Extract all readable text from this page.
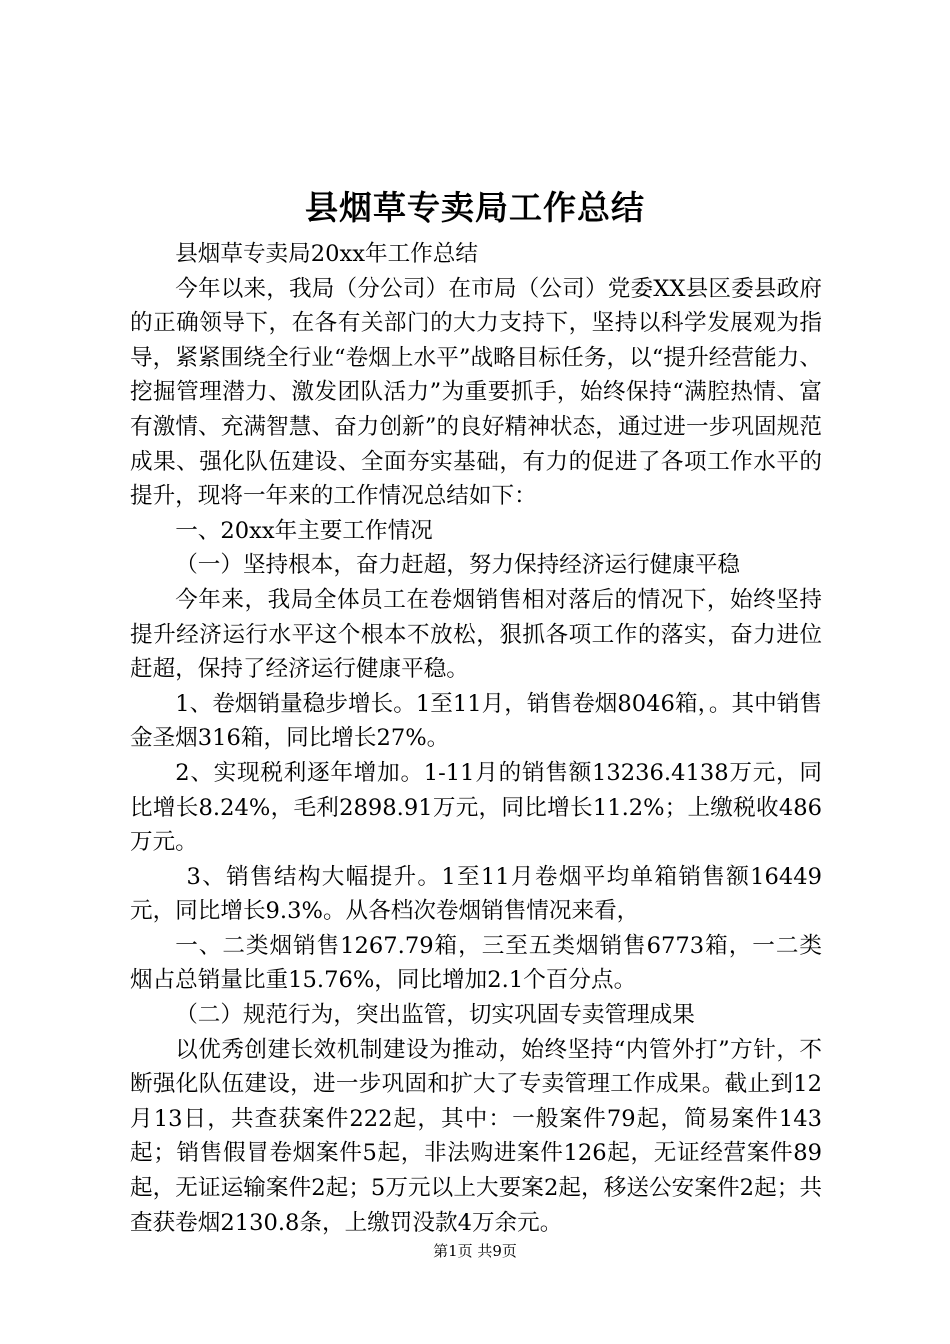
县烟草专卖局工作总结

县烟草专卖局20xx年工作总结

今年以来，我局（分公司）在市局（公司）党委XX县区委县政府的正确领导下，在各有关部门的大力支持下，坚持以科学发展观为指导，紧紧围绕全行业“卷烟上水平”战略目标任务，以“提升经营能力、挖掘管理潜力、激发团队活力”为重要抓手，始终保持“满腔热情、富有激情、充满智慧、奋力创新”的良好精神状态，通过进一步巩固规范成果、强化队伍建设、全面夯实基础，有力的促进了各项工作水平的提升，现将一年来的工作情况总结如下：

一、20xx年主要工作情况

（一）坚持根本，奋力赶超，努力保持经济运行健康平稳

今年来，我局全体员工在卷烟销售相对落后的情况下，始终坚持提升经济运行水平这个根本不放松，狠抓各项工作的落实，奋力进位赶超，保持了经济运行健康平稳。

1、卷烟销量稳步增长。1至11月，销售卷烟8046箱，。其中销售金圣烟316箱，同比增长27%。

2、实现税利逐年增加。1-11月的销售额13236.4138万元，同比增长8.24%，毛利2898.91万元，同比增长11.2%；上缴税收486万元。

3、销售结构大幅提升。1至11月卷烟平均单箱销售额16449元，同比增长9.3%。从各档次卷烟销售情况来看，

一、二类烟销售1267.79箱，三至五类烟销售6773箱，一二类烟占总销量比重15.76%，同比增加2.1个百分点。

（二）规范行为，突出监管，切实巩固专卖管理成果

以优秀创建长效机制建设为推动，始终坚持“内管外打”方针，不断强化队伍建设，进一步巩固和扩大了专卖管理工作成果。截止到12月13日，共查获案件222起，其中：一般案件79起，简易案件143起；销售假冒卷烟案件5起，非法购进案件126起，无证经营案件89起，无证运输案件2起；5万元以上大要案2起，移送公安案件2起；共查获卷烟2130.8条，上缴罚没款4万余元。

第1页 共9页
